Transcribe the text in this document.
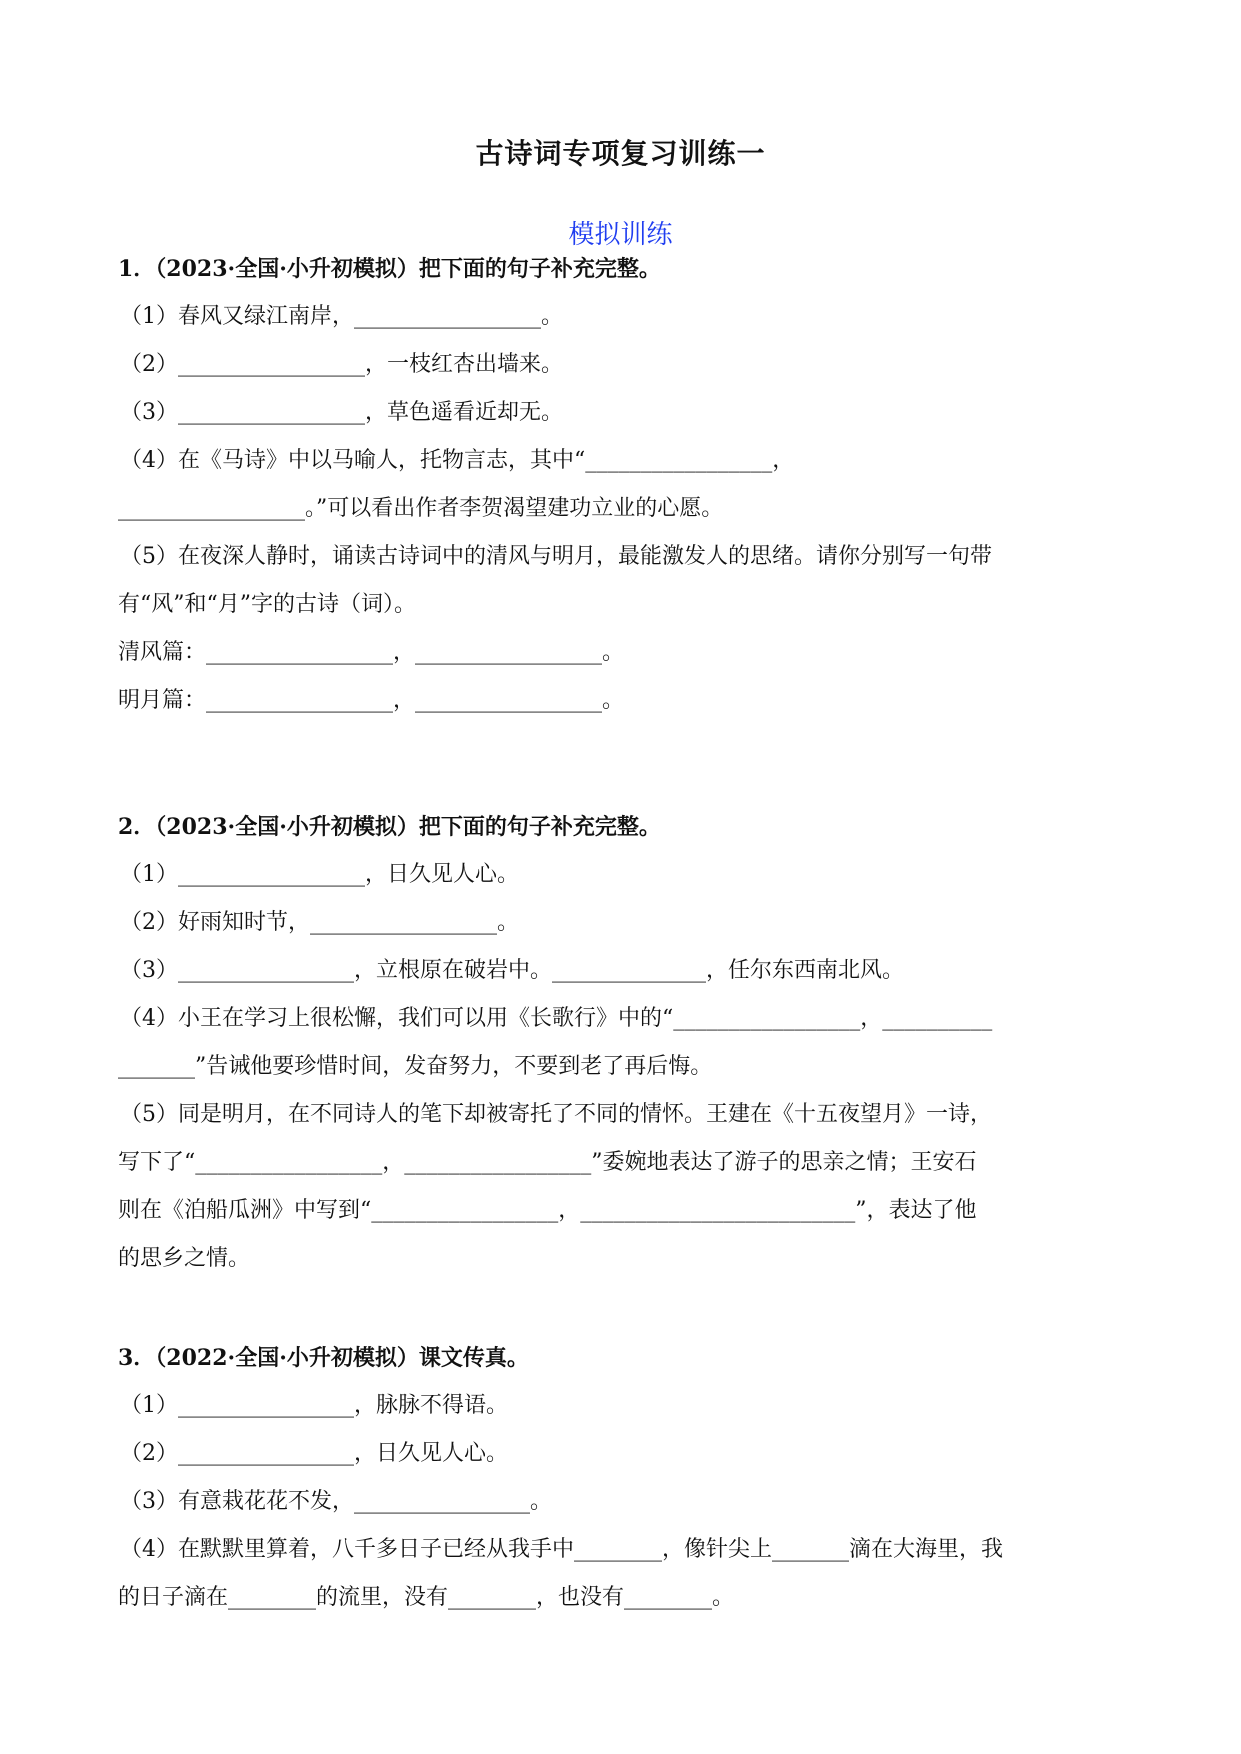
古诗词专项复习训练一
模拟训练
1．（2023·全国·小升初模拟）把下面的句子补充完整。
（1）春风又绿江南岸，_________________。
（2）_________________，一枝红杏出墙来。
（3）_________________，草色遥看近却无。
（4）在《马诗》中以马喻人，托物言志，其中“_________________，
_________________。”可以看出作者李贺渴望建功立业的心愿。
（5）在夜深人静时，诵读古诗词中的清风与明月，最能激发人的思绪。请你分别写一句带
有“风”和“月”字的古诗（词）。
清风篇：_________________，_________________。
明月篇：_________________，_________________。
2．（2023·全国·小升初模拟）把下面的句子补充完整。
（1）_________________，日久见人心。
（2）好雨知时节，_________________。
（3）________________，立根原在破岩中。______________，任尔东西南北风。
（4）小王在学习上很松懈，我们可以用《长歌行》中的“_________________，__________
_______”告诫他要珍惜时间，发奋努力，不要到老了再后悔。
（5）同是明月，在不同诗人的笔下却被寄托了不同的情怀。王建在《十五夜望月》一诗，
写下了“_________________，_________________”委婉地表达了游子的思亲之情；王安石
则在《泊船瓜洲》中写到“_________________，_________________________”，表达了他
的思乡之情。
3．（2022·全国·小升初模拟）课文传真。
（1）________________，脉脉不得语。
（2）________________，日久见人心。
（3）有意栽花花不发，________________。
（4）在默默里算着，八千多日子已经从我手中________，像针尖上_______滴在大海里，我
的日子滴在________的流里，没有________，也没有________。
